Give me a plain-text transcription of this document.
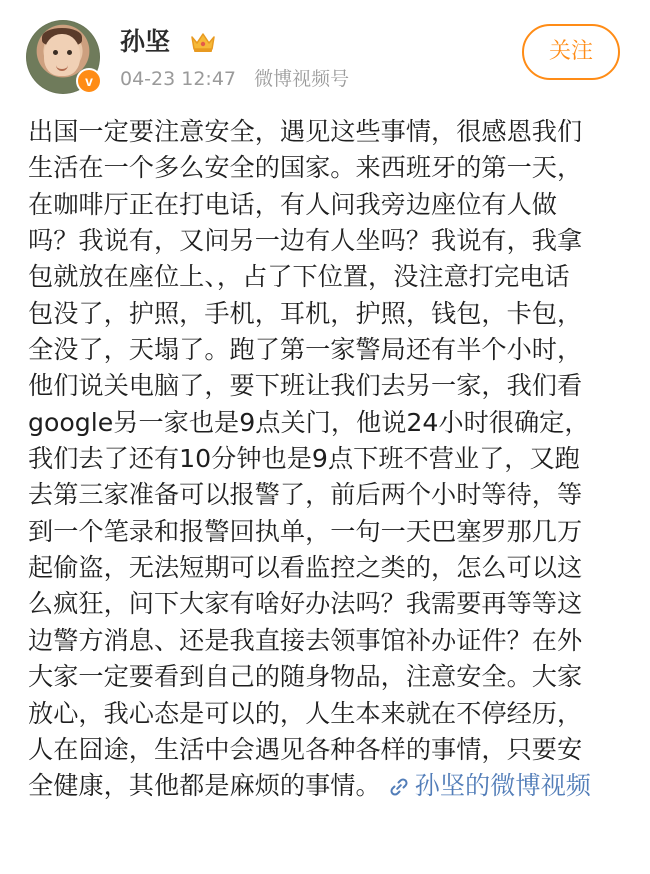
v
孙坚
04-23 12:47 微博视频号
关注
出国一定要注意安全，遇见这些事情，很感恩我们
生活在一个多么安全的国家。来西班牙的第一天，
在咖啡厅正在打电话，有人问我旁边座位有人做
吗？我说有，又问另一边有人坐吗？我说有，我拿
包就放在座位上、，占了下位置，没注意打完电话
包没了，护照，手机，耳机，护照，钱包，卡包，
全没了，天塌了。跑了第一家警局还有半个小时，
他们说关电脑了，要下班让我们去另一家，我们看
google另一家也是9点关门，他说24小时很确定，
我们去了还有10分钟也是9点下班不营业了，又跑
去第三家准备可以报警了，前后两个小时等待，等
到一个笔录和报警回执单，一句一天巴塞罗那几万
起偷盗，无法短期可以看监控之类的，怎么可以这
么疯狂，问下大家有啥好办法吗？我需要再等等这
边警方消息、还是我直接去领事馆补办证件？在外
大家一定要看到自己的随身物品，注意安全。大家
放心，我心态是可以的，人生本来就在不停经历，
人在囧途，生活中会遇见各种各样的事情，只要安
全健康，其他都是麻烦的事情。 孙坚的微博视频
